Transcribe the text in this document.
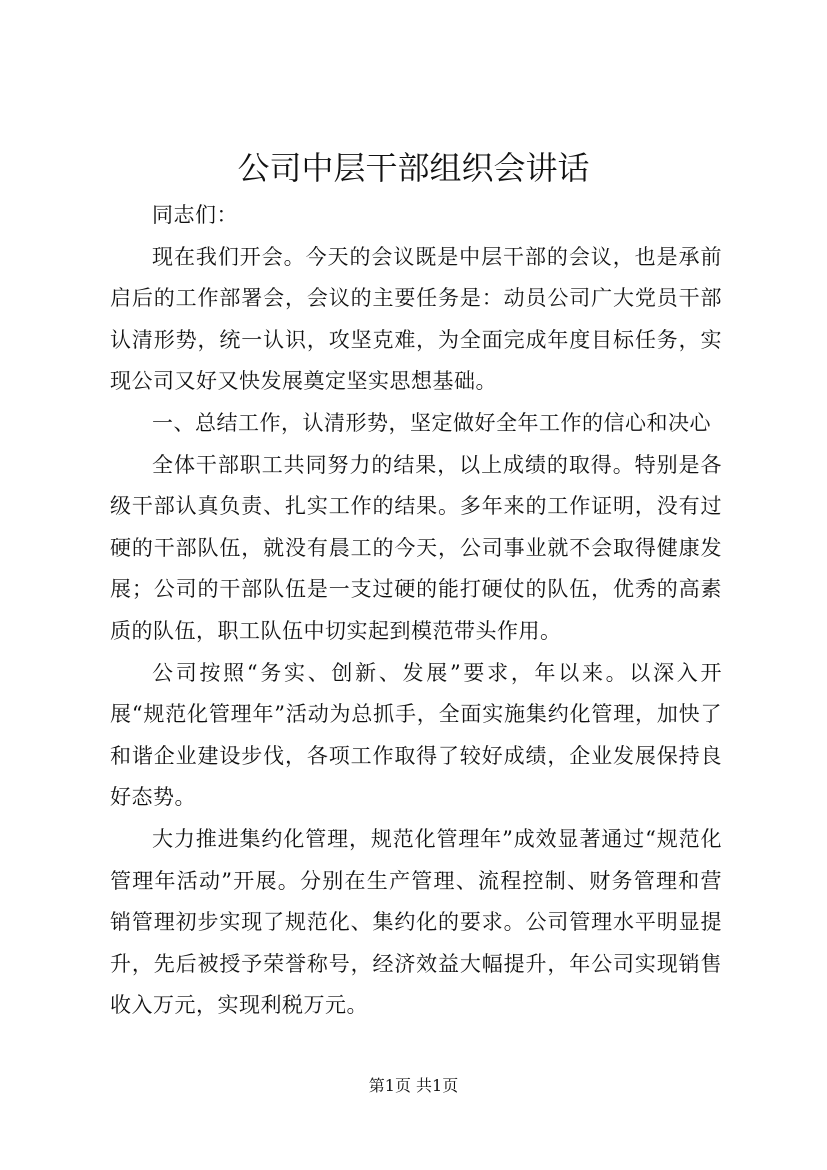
公司中层干部组织会讲话

同志们：

现在我们开会。今天的会议既是中层干部的会议，也是承前启后的工作部署会，会议的主要任务是：动员公司广大党员干部认清形势，统一认识，攻坚克难，为全面完成年度目标任务，实现公司又好又快发展奠定坚实思想基础。

一、总结工作，认清形势，坚定做好全年工作的信心和决心

全体干部职工共同努力的结果，以上成绩的取得。特别是各级干部认真负责、扎实工作的结果。多年来的工作证明，没有过硬的干部队伍，就没有晨工的今天，公司事业就不会取得健康发展；公司的干部队伍是一支过硬的能打硬仗的队伍，优秀的高素质的队伍，职工队伍中切实起到模范带头作用。

公司按照“务实、创新、发展”要求，年以来。以深入开展“规范化管理年”活动为总抓手，全面实施集约化管理，加快了和谐企业建设步伐，各项工作取得了较好成绩，企业发展保持良好态势。

大力推进集约化管理，规范化管理年”成效显著通过“规范化管理年活动”开展。分别在生产管理、流程控制、财务管理和营销管理初步实现了规范化、集约化的要求。公司管理水平明显提升，先后被授予荣誉称号，经济效益大幅提升，年公司实现销售收入万元，实现利税万元。

第1页 共1页
